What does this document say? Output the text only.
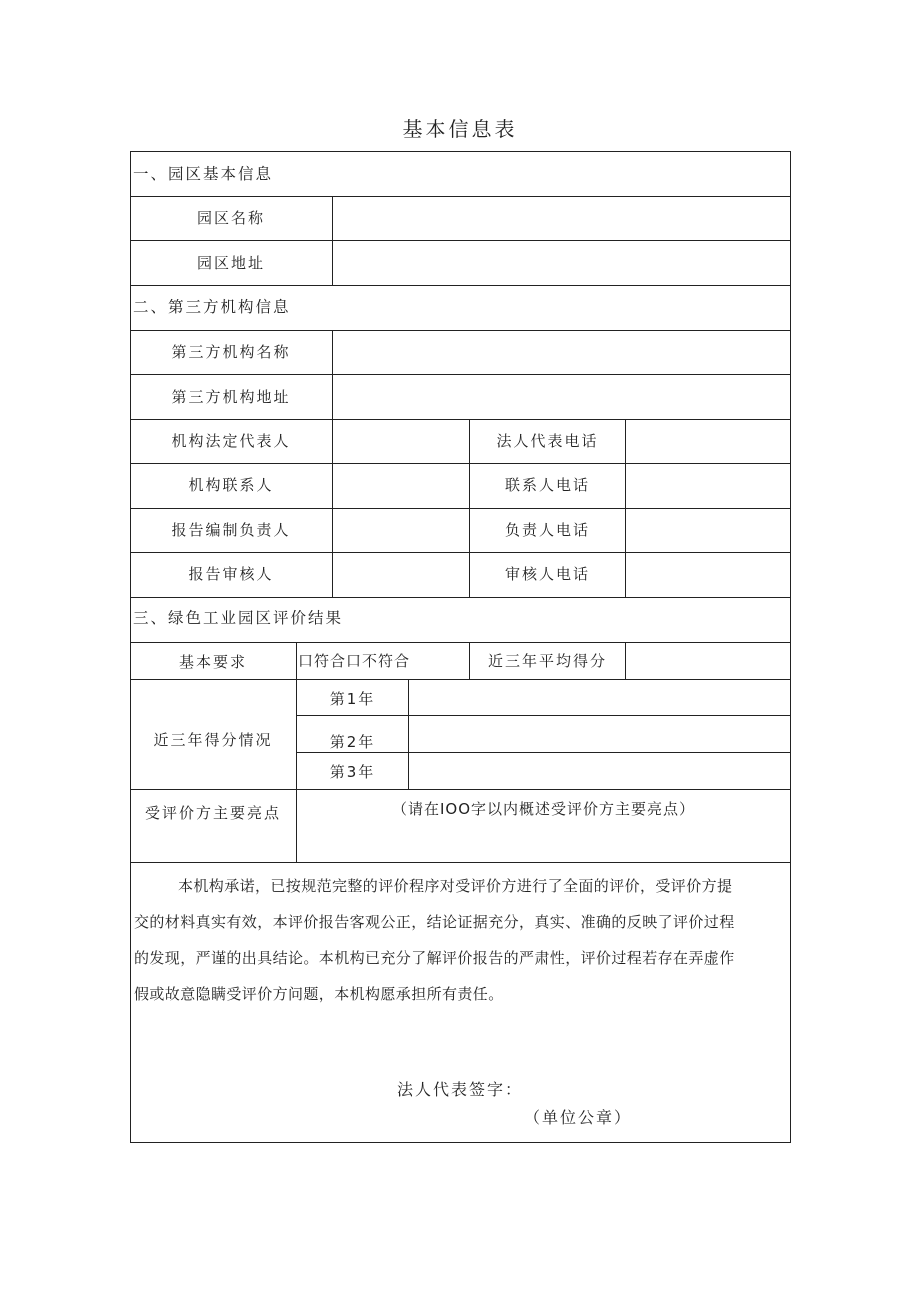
基本信息表
一、园区基本信息
园区名称
园区地址
二、第三方机构信息
第三方机构名称
第三方机构地址
机构法定代表人	法人代表电话
机构联系人	联系人电话
报告编制负责人	负责人电话
报告审核人	审核人电话
三、绿色工业园区评价结果
基本要求	口符合口不符合	近三年平均得分
近三年得分情况
第1年
第2年
第3年
受评价方主要亮点	（请在IOO字以内概述受评价方主要亮点）
本机构承诺，已按规范完整的评价程序对受评价方进行了全面的评价，受评价方提
交的材料真实有效，本评价报告客观公正，结论证据充分，真实、准确的反映了评价过程
的发现，严谨的出具结论。本机构已充分了解评价报告的严肃性，评价过程若存在弄虚作
假或故意隐瞒受评价方问题，本机构愿承担所有责任。
法人代表签字：
（单位公章）
